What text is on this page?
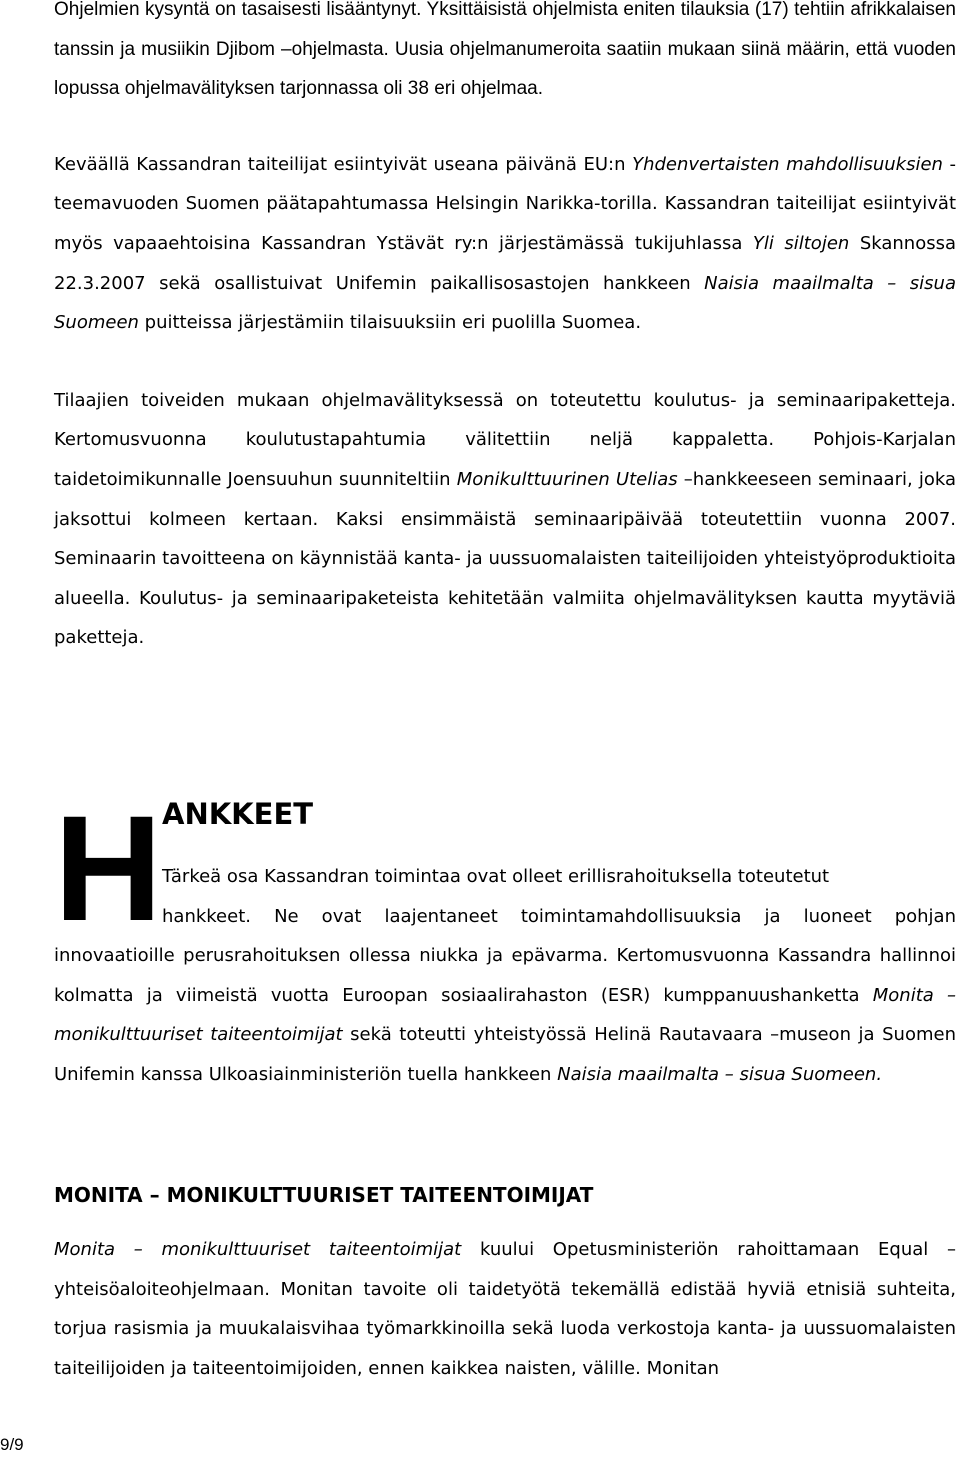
Ohjelmien kysyntä on tasaisesti lisääntynyt. Yksittäisistä ohjelmista eniten tilauksia (17) tehtiin afrikkalaisen tanssin ja musiikin Djibom –ohjelmasta. Uusia ohjelmanumeroita saatiin mukaan siinä määrin, että vuoden lopussa ohjelmavälityksen tarjonnassa oli 38 eri ohjelmaa.

Keväällä Kassandran taiteilijat esiintyivät useana päivänä EU:n Yhdenvertaisten mahdollisuuksien -teemavuoden Suomen päätapahtumassa Helsingin Narikka-torilla. Kassandran taiteilijat esiintyivät myös vapaaehtoisina Kassandran Ystävät ry:n järjestämässä tukijuhlassa Yli siltojen Skannossa 22.3.2007 sekä osallistuivat Unifemin paikallisosastojen hankkeen Naisia maailmalta – sisua Suomeen puitteissa järjestämiin tilaisuuksiin eri puolilla Suomea.

Tilaajien toiveiden mukaan ohjelmavälityksessä on toteutettu koulutus- ja seminaaripaketteja. Kertomusvuonna koulutustapahtumia välitettiin neljä kappaletta. Pohjois-Karjalan taidetoimikunnalle Joensuuhun suunniteltiin Monikulttuurinen Utelias –hankkeeseen seminaari, joka jaksottui kolmeen kertaan. Kaksi ensimmäistä seminaaripäivää toteutettiin vuonna 2007. Seminaarin tavoitteena on käynnistää kanta- ja uussuomalaisten taiteilijoiden yhteistyöproduktioita alueella. Koulutus- ja seminaaripaketeista kehitetään valmiita ohjelmavälityksen kautta myytäviä paketteja.

H ANKKEET

Tärkeä osa Kassandran toimintaa ovat olleet erillisrahoituksella toteutetut

hankkeet. Ne ovat laajentaneet toimintamahdollisuuksia ja luoneet pohjan innovaatioille perusrahoituksen ollessa niukka ja epävarma. Kertomusvuonna Kassandra hallinnoi kolmatta ja viimeistä vuotta Euroopan sosiaalirahaston (ESR) kumppanuushanketta Monita – monikulttuuriset taiteentoimijat sekä toteutti yhteistyössä Helinä Rautavaara –museon ja Suomen Unifemin kanssa Ulkoasiainministeriön tuella hankkeen Naisia maailmalta – sisua Suomeen.

MONITA – MONIKULTTUURISET TAITEENTOIMIJAT

Monita – monikulttuuriset taiteentoimijat kuului Opetusministeriön rahoittamaan Equal – yhteisöaloiteohjelmaan. Monitan tavoite oli taidetyötä tekemällä edistää hyviä etnisiä suhteita, torjua rasismia ja muukalaisvihaa työmarkkinoilla sekä luoda verkostoja kanta- ja uussuomalaisten taiteilijoiden ja taiteentoimijoiden, ennen kaikkea naisten, välille. Monitan

9/9
